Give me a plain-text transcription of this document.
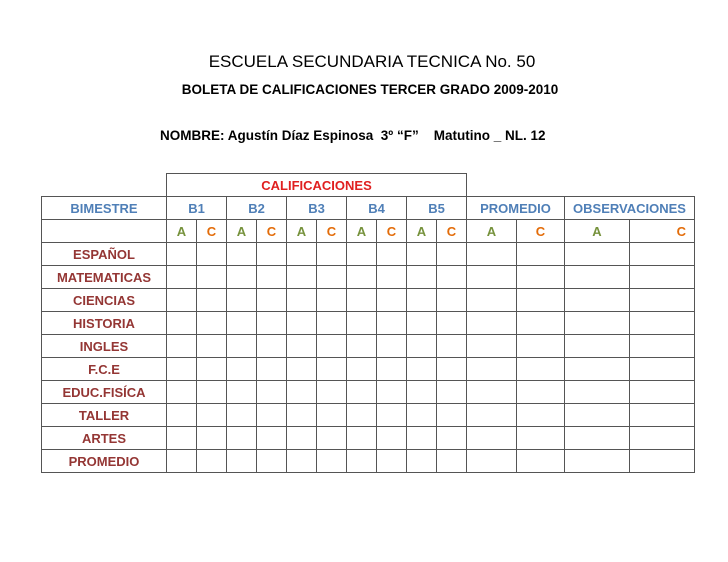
ESCUELA SECUNDARIA TECNICA No. 50
BOLETA DE CALIFICACIONES TERCER GRADO 2009-2010
NOMBRE: Agustín Díaz Espinosa  3º “F”    Matutino _ NL. 12
	CALIFICACIONES													
BIMESTRE	B1		B2		B3		B4		B5		PROMEDIO		OBSERVACIONES	
	A	C	A	C	A	C	A	C	A	C	A	C	A	C
ESPAÑOL														
MATEMATICAS														
CIENCIAS														
HISTORIA														
INGLES														
F.C.E														
EDUC.FISÍCA														
TALLER														
ARTES														
PROMEDIO														
